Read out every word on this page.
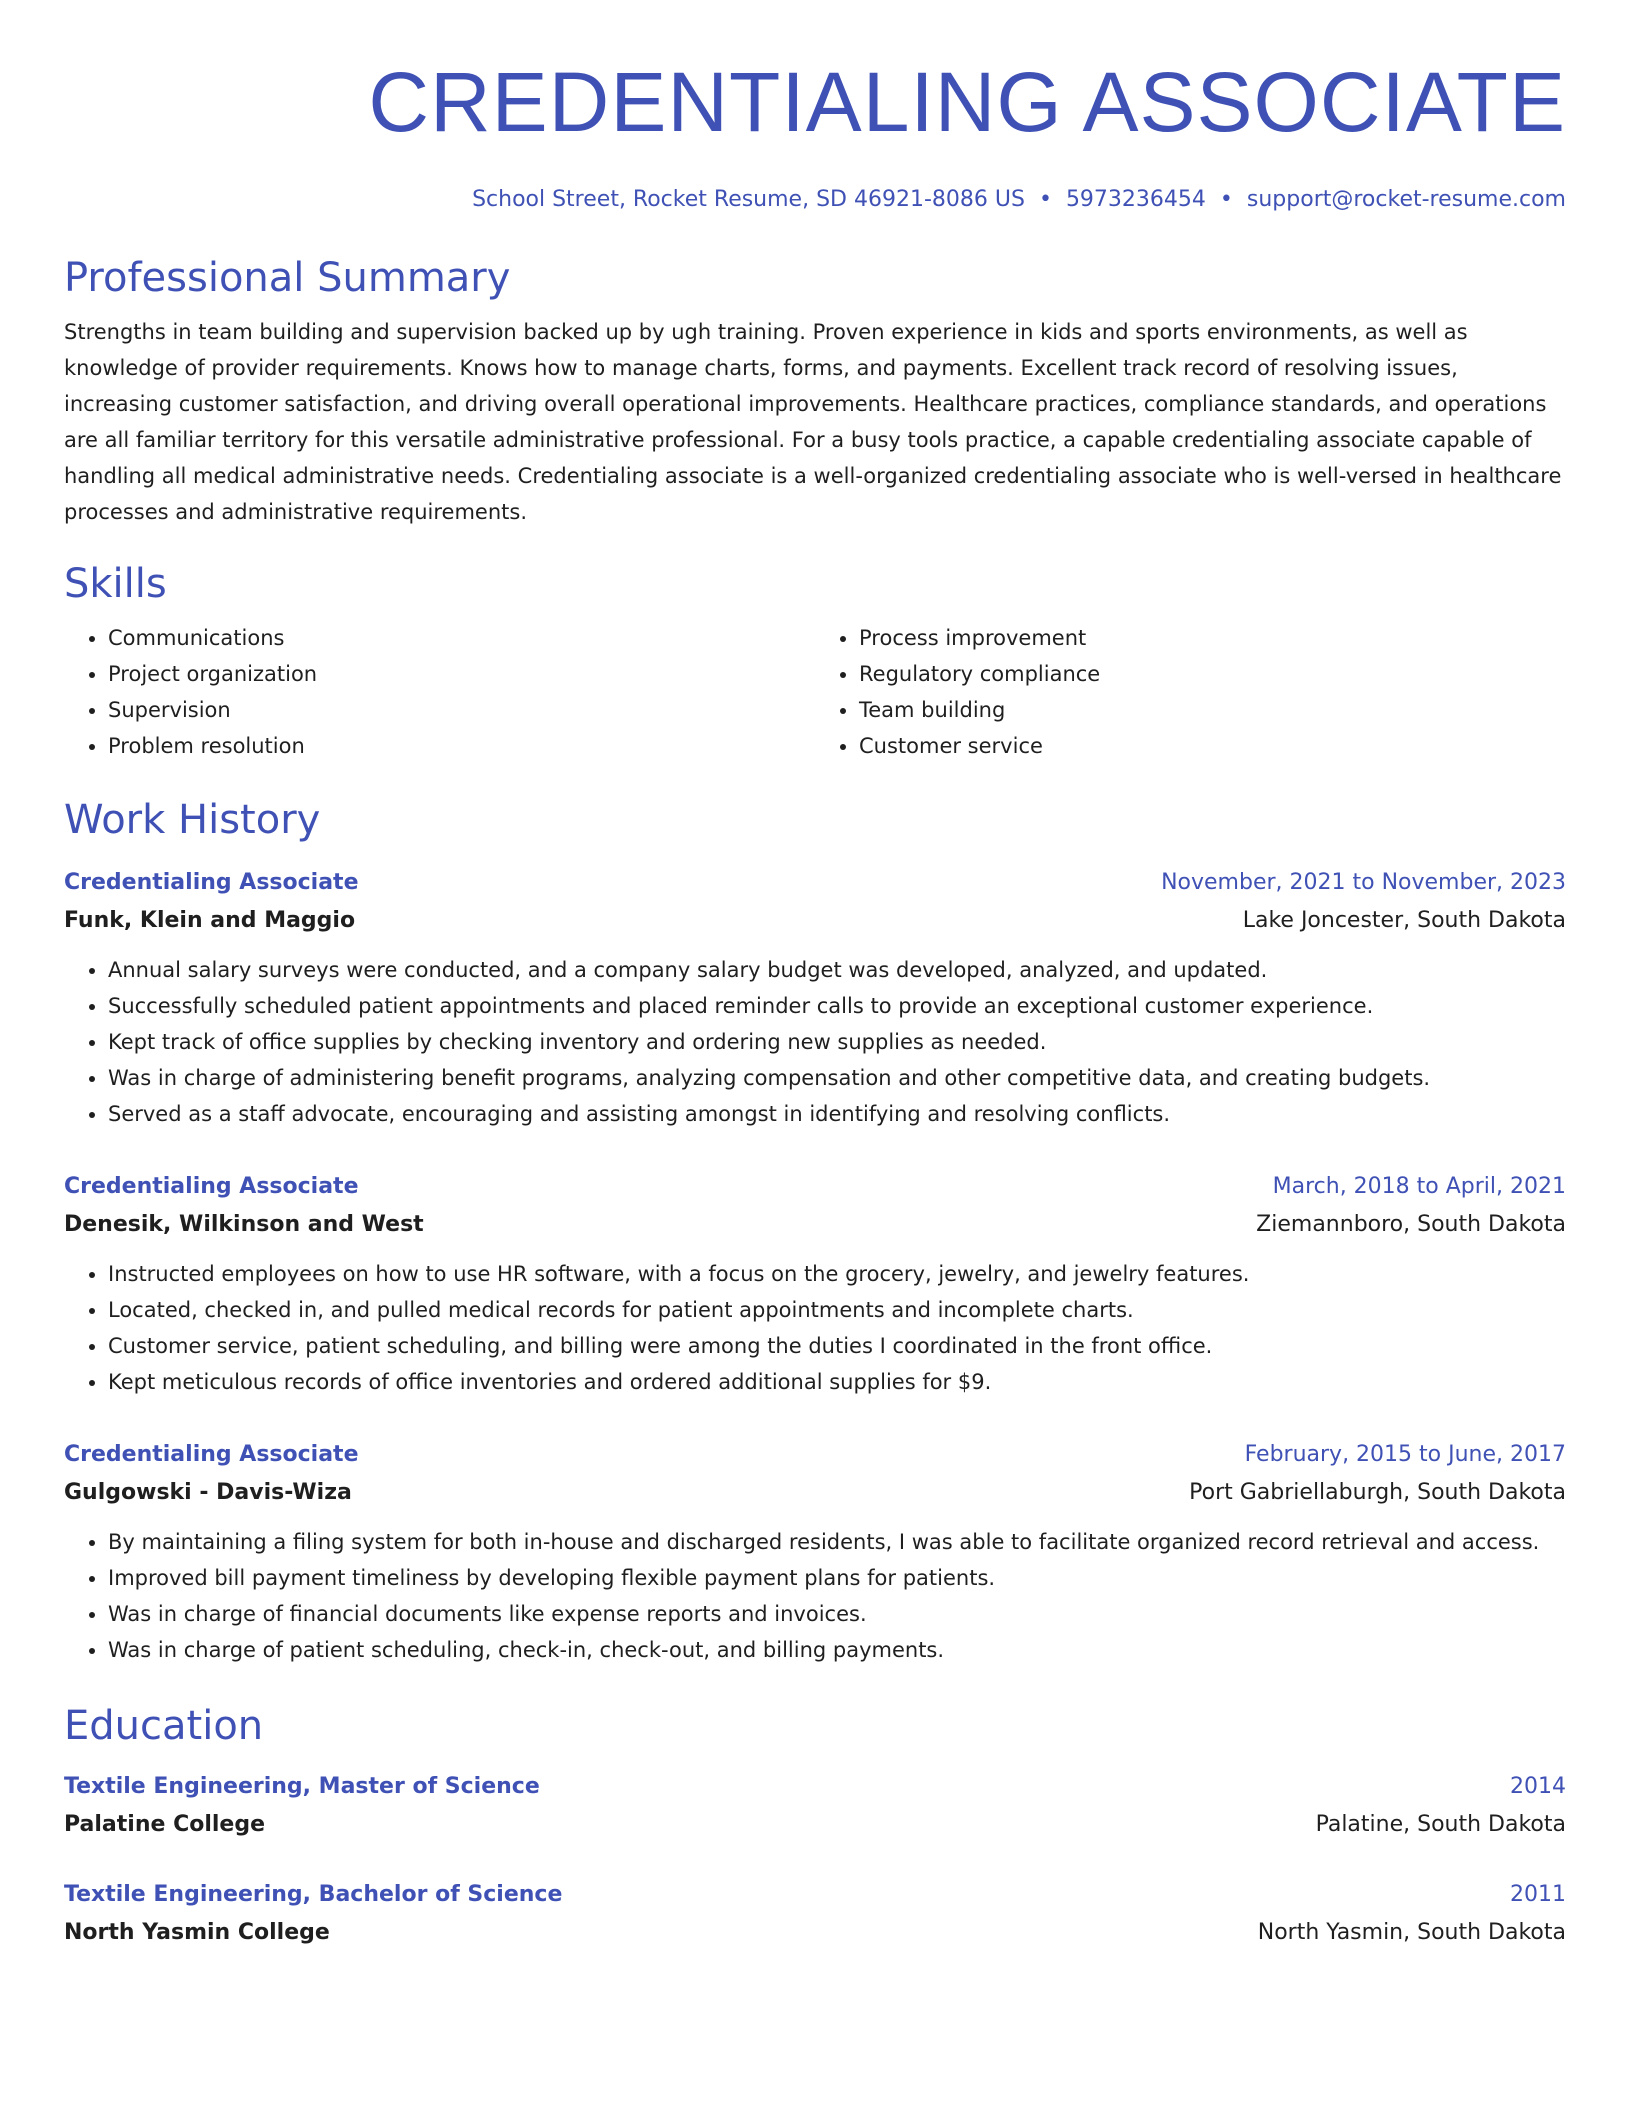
CREDENTIALING ASSOCIATE
School Street, Rocket Resume, SD 46921-8086 US • 5973236454 • support@rocket-resume.com
Professional Summary
Strengths in team building and supervision backed up by ugh training. Proven experience in kids and sports environments, as well as knowledge of provider requirements. Knows how to manage charts, forms, and payments. Excellent track record of resolving issues, increasing customer satisfaction, and driving overall operational improvements. Healthcare practices, compliance standards, and operations are all familiar territory for this versatile administrative professional. For a busy tools practice, a capable credentialing associate capable of handling all medical administrative needs. Credentialing associate is a well-organized credentialing associate who is well-versed in healthcare processes and administrative requirements.
Skills
• Communications
• Project organization
• Supervision
• Problem resolution
• Process improvement
• Regulatory compliance
• Team building
• Customer service
Work History
Credentialing Associate	November, 2021 to November, 2023
Funk, Klein and Maggio	Lake Joncester, South Dakota
• Annual salary surveys were conducted, and a company salary budget was developed, analyzed, and updated.
• Successfully scheduled patient appointments and placed reminder calls to provide an exceptional customer experience.
• Kept track of office supplies by checking inventory and ordering new supplies as needed.
• Was in charge of administering benefit programs, analyzing compensation and other competitive data, and creating budgets.
• Served as a staff advocate, encouraging and assisting amongst in identifying and resolving conflicts.
Credentialing Associate	March, 2018 to April, 2021
Denesik, Wilkinson and West	Ziemannboro, South Dakota
• Instructed employees on how to use HR software, with a focus on the grocery, jewelry, and jewelry features.
• Located, checked in, and pulled medical records for patient appointments and incomplete charts.
• Customer service, patient scheduling, and billing were among the duties I coordinated in the front office.
• Kept meticulous records of office inventories and ordered additional supplies for $9.
Credentialing Associate	February, 2015 to June, 2017
Gulgowski - Davis-Wiza	Port Gabriellaburgh, South Dakota
• By maintaining a filing system for both in-house and discharged residents, I was able to facilitate organized record retrieval and access.
• Improved bill payment timeliness by developing flexible payment plans for patients.
• Was in charge of financial documents like expense reports and invoices.
• Was in charge of patient scheduling, check-in, check-out, and billing payments.
Education
Textile Engineering, Master of Science	2014
Palatine College	Palatine, South Dakota
Textile Engineering, Bachelor of Science	2011
North Yasmin College	North Yasmin, South Dakota
